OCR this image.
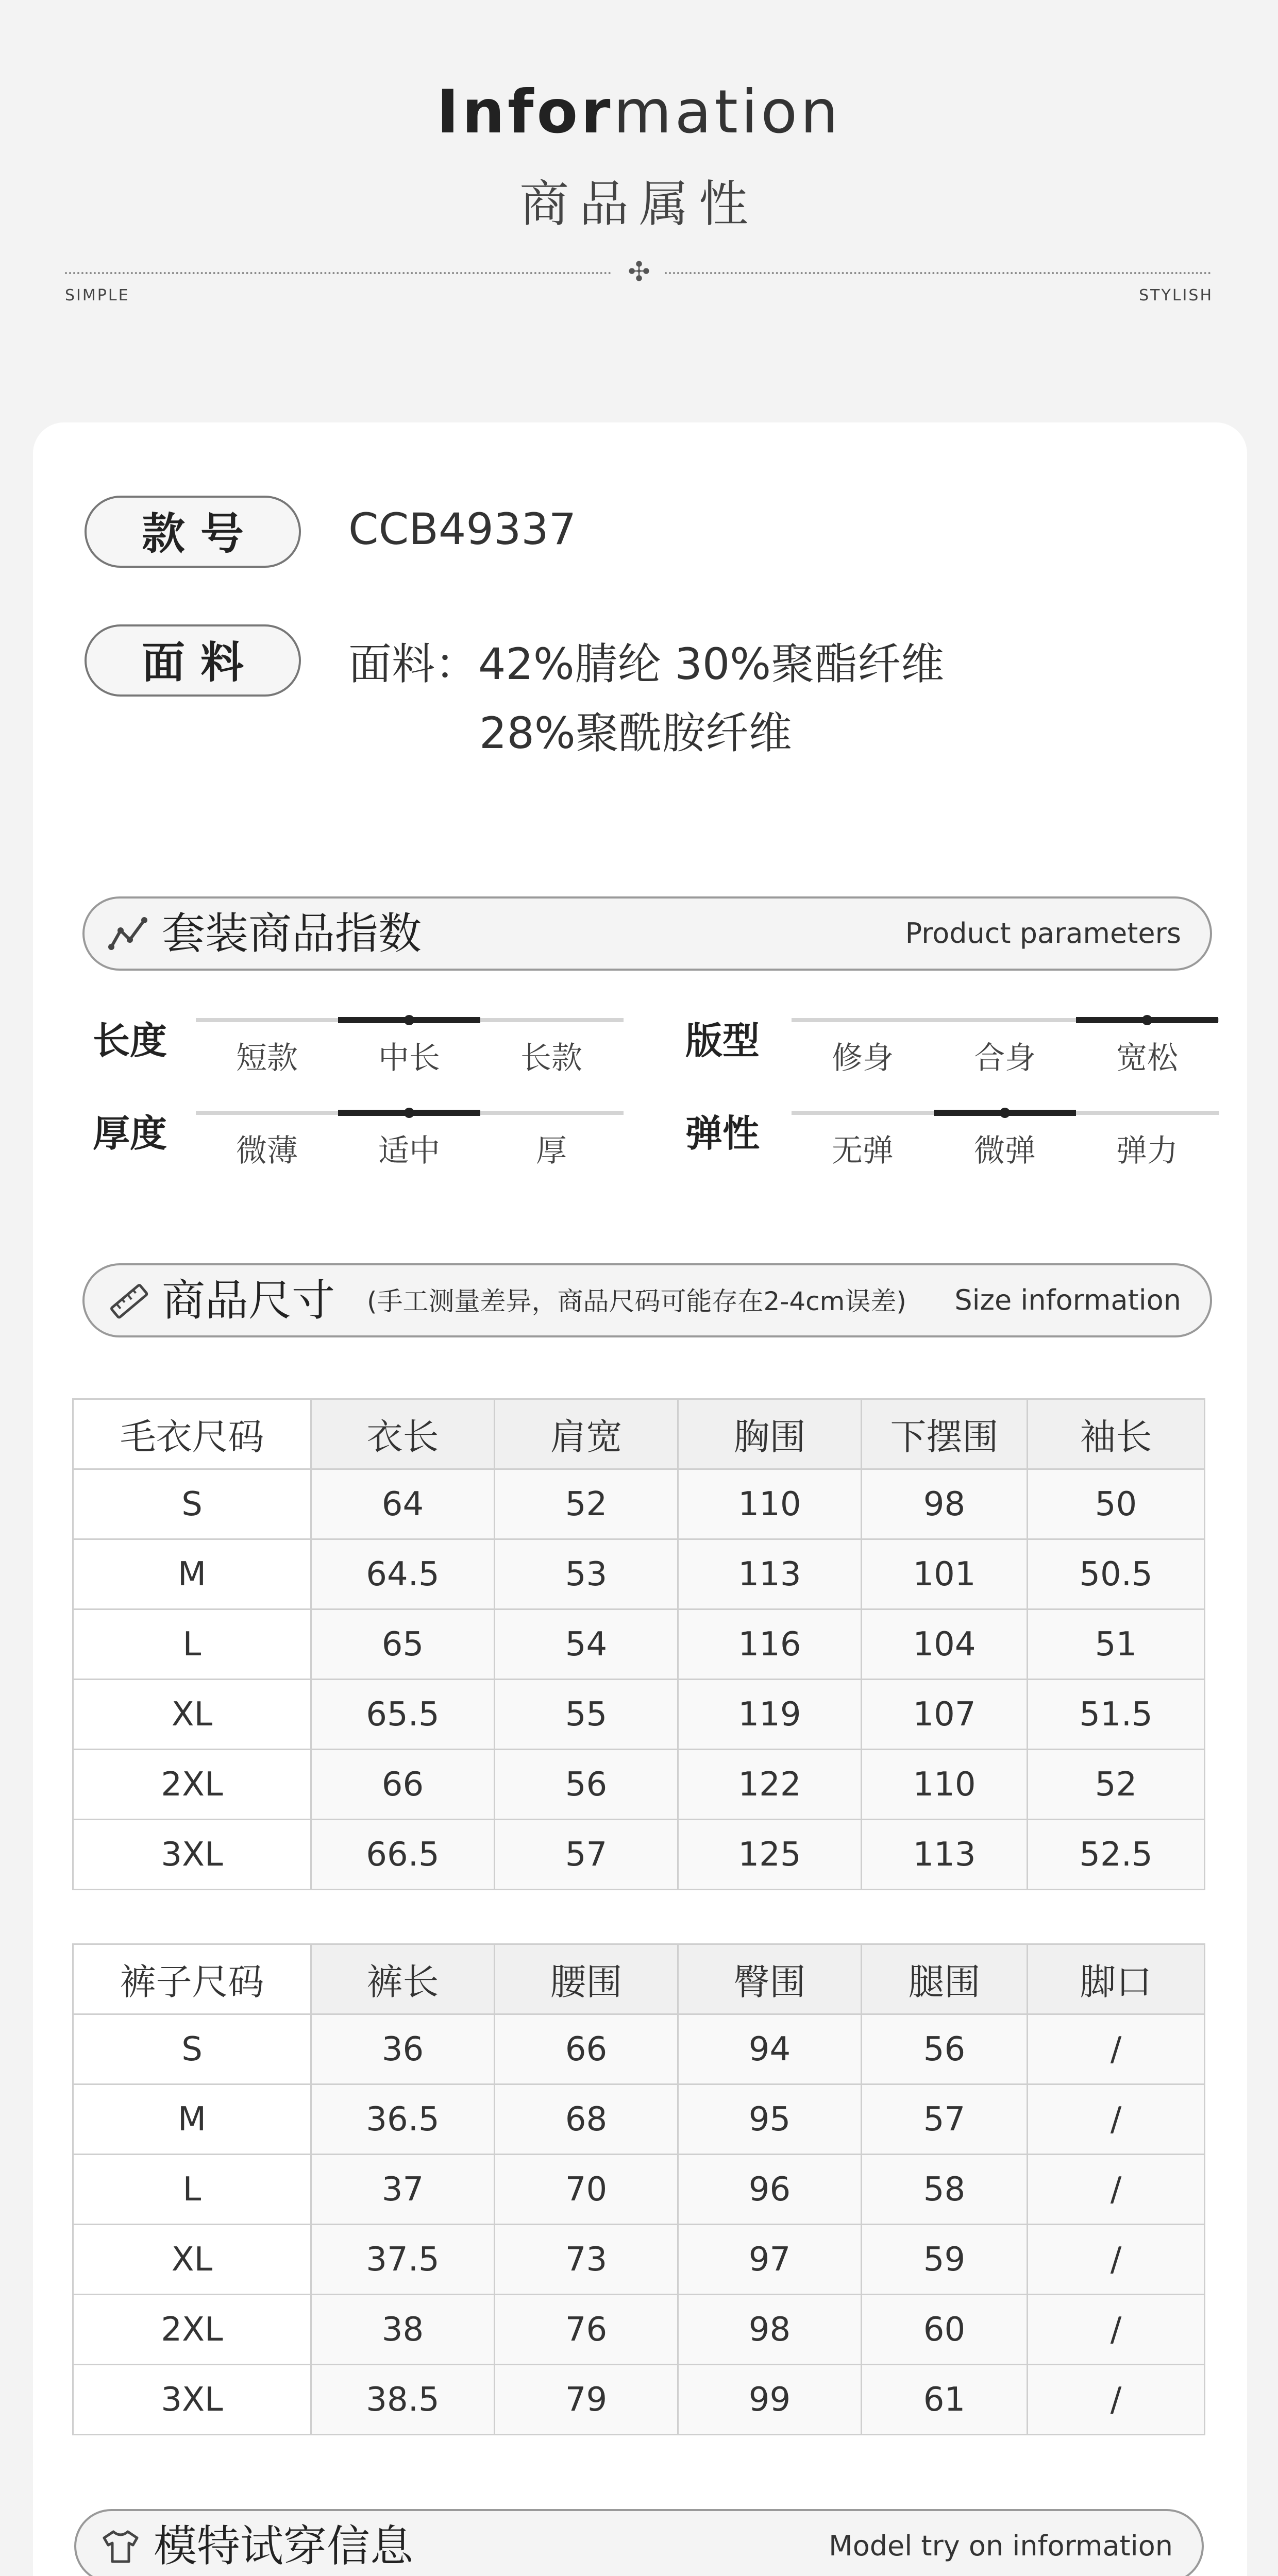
Information
商品属性
✣
SIMPLE	STYLISH
款号	CCB49337
面料	面料：42%腈纶 30%聚酯纤维
28%聚酰胺纤维
套装商品指数	Product parameters
长度	短款	中长	长款	版型	修身	合身	宽松
厚度	微薄	适中	厚	弹性	无弹	微弹	弹力
商品尺寸 (手工测量差异，商品尺码可能存在2-4cm误差) Size information
毛衣尺码	衣长	肩宽	胸围	下摆围	袖长
S	64	52	110	98	50
M	64.5	53	113	101	50.5
L	65	54	116	104	51
XL	65.5	55	119	107	51.5
2XL	66	56	122	110	52
3XL	66.5	57	125	113	52.5
裤子尺码	裤长	腰围	臀围	腿围	脚口
S	36	66	94	56	/
M	36.5	68	95	57	/
L	37	70	96	58	/
XL	37.5	73	97	59	/
2XL	38	76	98	60	/
3XL	38.5	79	99	61	/
模特试穿信息	Model try on information
